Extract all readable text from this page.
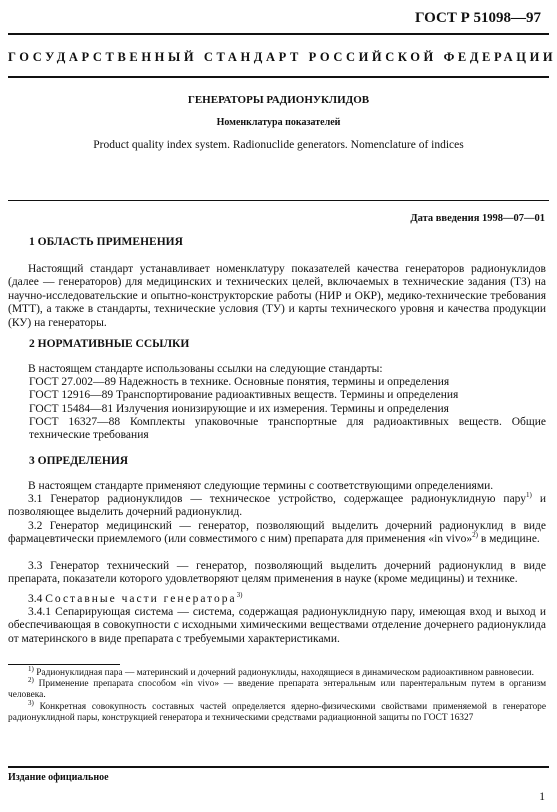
ГОСТ Р 51098—97
ГОСУДАРСТВЕННЫЙ СТАНДАРТ РОССИЙСКОЙ ФЕДЕРАЦИИ
ГЕНЕРАТОРЫ РАДИОНУКЛИДОВ
Номенклатура показателей
Product quality index system. Radionuclide generators. Nomenclature of indices
Дата введения 1998—07—01
1 ОБЛАСТЬ ПРИМЕНЕНИЯ

Настоящий стандарт устанавливает номенклатуру показателей качества генераторов радионуклидов (далее — генераторов) для медицинских и технических целей, включаемых в технические задания (ТЗ) на научно-исследовательские и опытно-конструкторские работы (НИР и ОКР), медико-технические требования (МТТ), а также в стандарты, технические условия (ТУ) и карты технического уровня и качества продукции (КУ) на генераторы.

2 НОРМАТИВНЫЕ ССЫЛКИ

В настоящем стандарте использованы ссылки на следующие стандарты:

ГОСТ 27.002—89 Надежность в технике. Основные понятия, термины и определения
ГОСТ 12916—89 Транспортирование радиоактивных веществ. Термины и определения
ГОСТ 15484—81 Излучения ионизирующие и их измерения. Термины и определения
ГОСТ 16327—88 Комплекты упаковочные транспортные для радиоактивных веществ. Общие технические требования
3 ОПРЕДЕЛЕНИЯ

В настоящем стандарте применяют следующие термины с соответствующими определениями.

3.1 Генератор радионуклидов — техническое устройство, содержащее радионуклидную пару$^{1)}$ и позволяющее выделить дочерний радионуклид.

3.2 Генератор медицинский — генератор, позволяющий выделить дочерний радионуклид в виде фармацевтически приемлемого (или совместимого с ним) препарата для применения «in vivo»$^{2)}$ в медицине.

3.3 Генератор технический — генератор, позволяющий выделить дочерний радионуклид в виде препарата, показатели которого удовлетворяют целям применения в науке (кроме медицины) и технике.

3.4 Составные части генератора$^{3)}$

3.4.1 Сепарирующая система — система, содержащая радионуклидную пару, имеющая вход и выход и обеспечивающая в совокупности с исходными химическими веществами отделение дочернего радионуклида от материнского в виде препарата с требуемыми характеристиками.

$^{1)}$ Радионуклидная пара — материнский и дочерний радионуклиды, находящиеся в динамическом радиоактивном равновесии.

$^{2)}$ Применение препарата способом «in vivo» — введение препарата энтеральным или парентеральным путем в организм человека.

$^{3)}$ Конкретная совокупность составных частей определяется ядерно-физическими свойствами применяемой в генераторе радионуклидной пары, конструкцией генератора и техническими средствами радиационной защиты по ГОСТ 16327

Издание официальное
1
